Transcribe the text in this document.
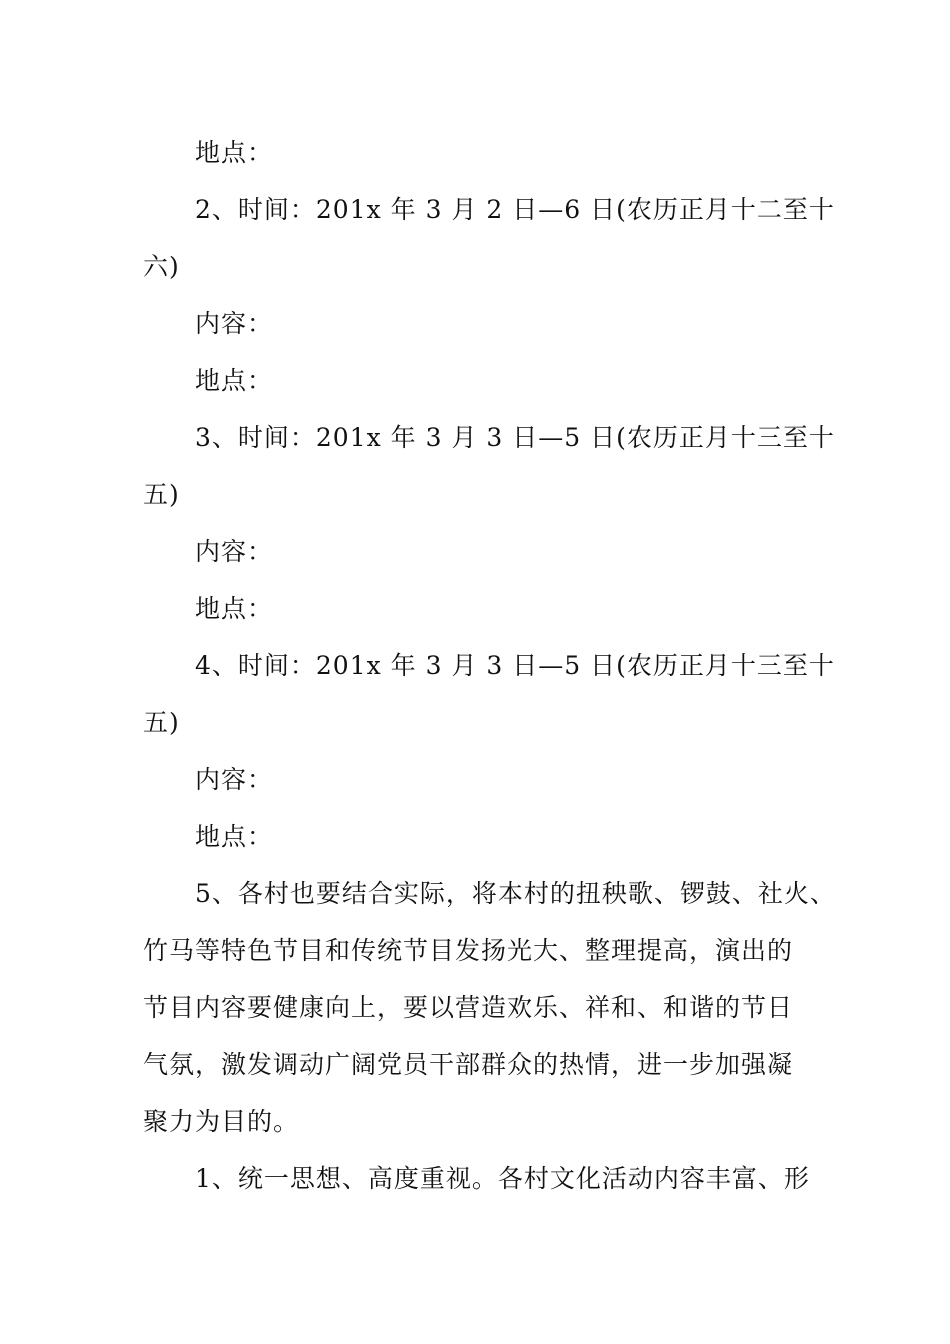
地点：
2、时间：201x 年 3 月 2 日—6 日(农历正月十二至十
六)
内容：
地点：
3、时间：201x 年 3 月 3 日—5 日(农历正月十三至十
五)
内容：
地点：
4、时间：201x 年 3 月 3 日—5 日(农历正月十三至十
五)
内容：
地点：
5、各村也要结合实际，将本村的扭秧歌、锣鼓、社火、
竹马等特色节目和传统节目发扬光大、整理提高，演出的
节目内容要健康向上，要以营造欢乐、祥和、和谐的节日
气氛，激发调动广阔党员干部群众的热情，进一步加强凝
聚力为目的。
1、统一思想、高度重视。各村文化活动内容丰富、形
